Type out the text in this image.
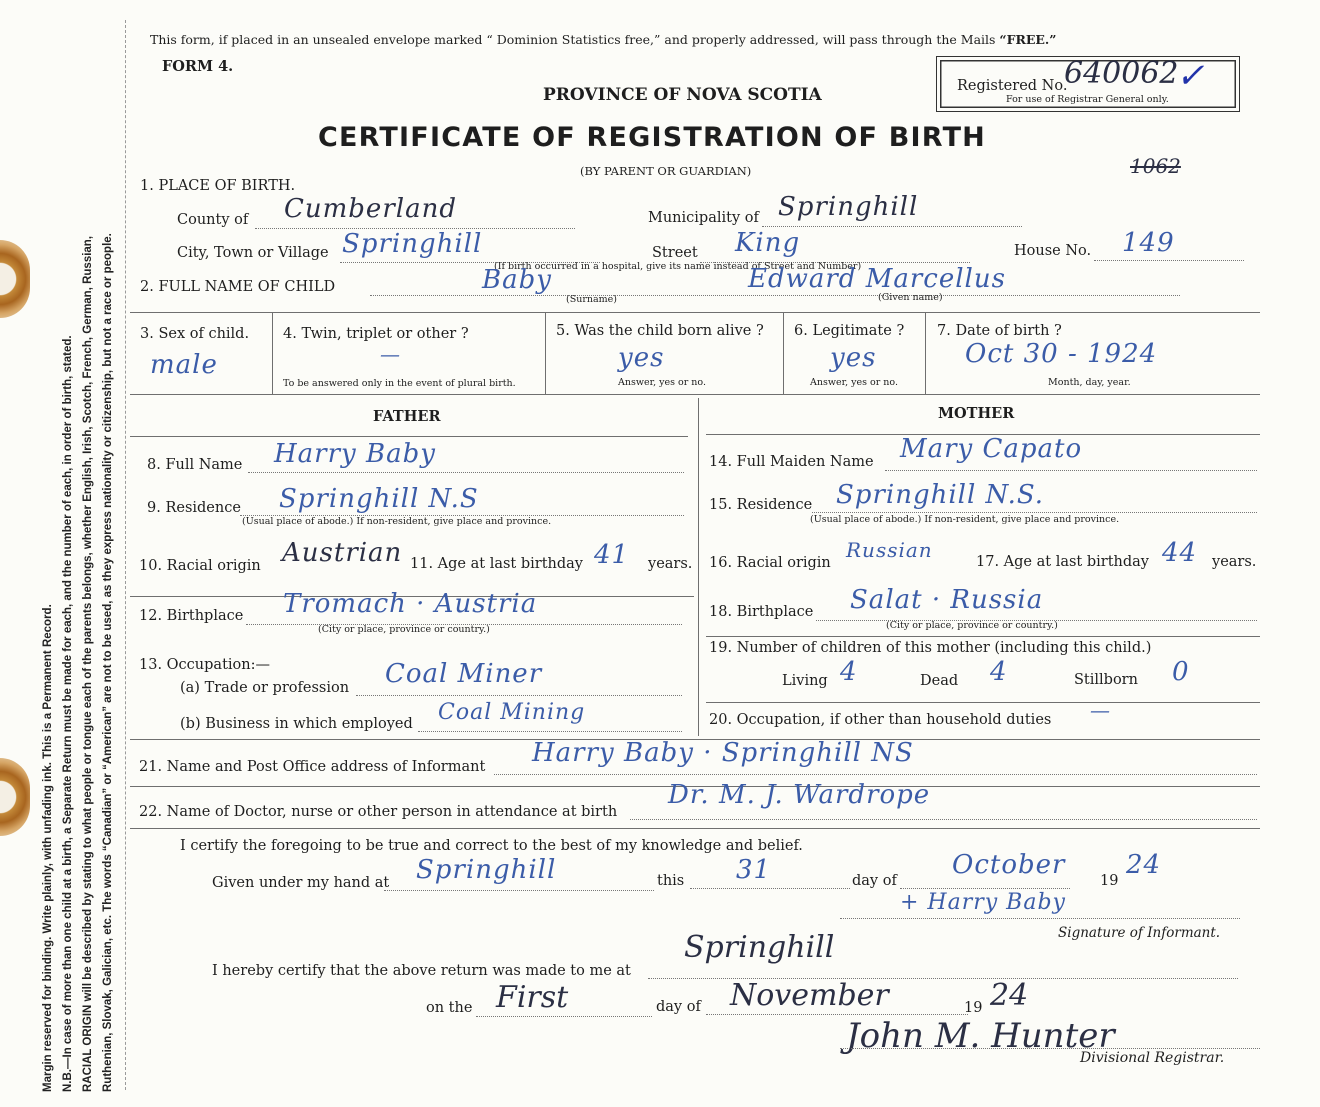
Margin reserved for binding. Write plainly, with unfading ink. This is a Permanent Record. N.B.—In case of more than one child at a birth, a Separate Return must be made for each, and the number of each, in order of birth, stated. RACIAL ORIGIN will be described by stating to what people or tongue each of the parents belongs, whether English, Irish, Scotch, French, German, Russian, Ruthenian, Slovak, Galician, etc. The words “Canadian” or “American” are not to be used, as they express nationality or citizenship, but not a race or people.
This form, if placed in an unsealed envelope marked “ Dominion Statistics free,” and properly addressed, will pass through the Mails “FREE.”
FORM 4.
Registered No.
640062
✓
For use of Registrar General only.
PROVINCE OF NOVA SCOTIA
CERTIFICATE OF REGISTRATION OF BIRTH
(BY PARENT OR GUARDIAN)	1062
1. PLACE OF BIRTH.
County of Cumberland	Municipality of Springhill
City, Town or Village Springhill	Street King	House No. 149
(If birth occurred in a hospital, give its name instead of Street and Number)
2. FULL NAME OF CHILD	Baby	Edward Marcellus
(Surname)	(Given name)
3. Sex of child.
male
4. Twin, triplet or other ?
—
To be answered only in the event of plural birth.
5. Was the child born alive ?
yes
Answer, yes or no.
6. Legitimate ?
yes
Answer, yes or no.
7. Date of birth ?
Oct 30 - 1924
Month, day, year.
FATHER	MOTHER
8. Full Name Harry Baby
9. Residence Springhill N.S
(Usual place of abode.) If non-resident, give place and province.
10. Racial origin Austrian 11. Age at last birthday 41 years.
12. Birthplace Tromach · Austria
(City or place, province or country.)
13. Occupation:—
(a) Trade or profession Coal Miner
(b) Business in which employed Coal Mining
14. Full Maiden Name Mary Capato
15. Residence Springhill N.S.
(Usual place of abode.) If non-resident, give place and province.
16. Racial origin
Russian	17. Age at last birthday 44 years.
18. Birthplace Salat · Russia
(City or place, province or country.)
19. Number of children of this mother (including this child.)
Living 4	Dead 4	Stillborn 0
20. Occupation, if other than household duties —
21. Name and Post Office address of Informant Harry Baby · Springhill NS
22. Name of Doctor, nurse or other person in attendance at birth
Dr. M. J. Wardrope
I certify the foregoing to be true and correct to the best of my knowledge and belief.
Given under my hand at Springhill	this 31	day of
October
19
24
+ Harry Baby
Signature of Informant.
I hereby certify that the above return was made to me at
Springhill
on the First	day of November	19 24
John M. Hunter
Divisional Registrar.
